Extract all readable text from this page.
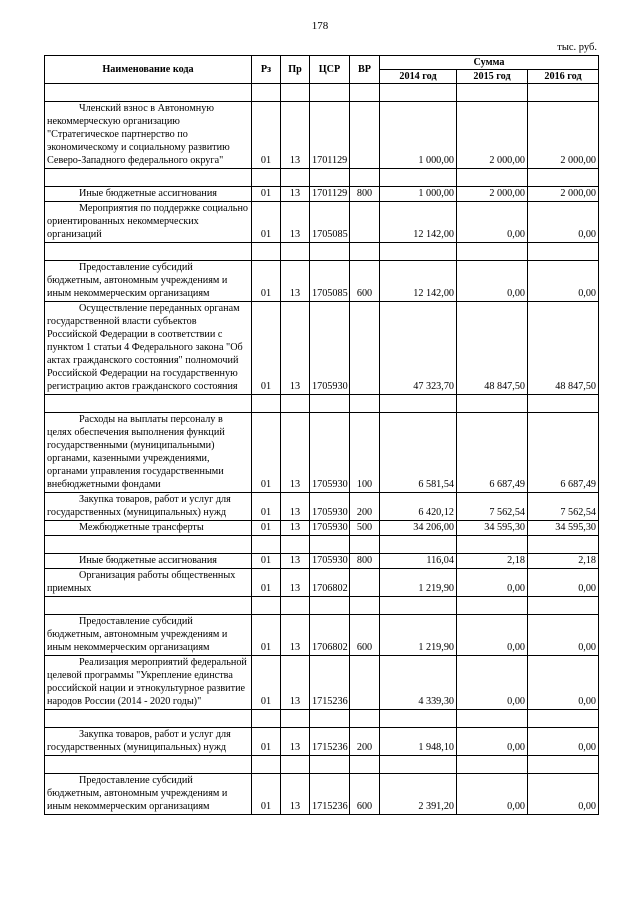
178
тыс. руб.
Наименование кода	Рз	Пр	ЦСР	ВР	Сумма		
					2014 год	2015 год	2016 год

Членский взнос в Автономную некоммерческую организацию "Стратегическое партнерство по экономическому и социальному развитию Северо-Западного федерального округа"	01	13	1701129		1 000,00	2 000,00	2 000,00

Иные бюджетные ассигнования	01	13	1701129	800	1 000,00	2 000,00	2 000,00
Мероприятия по поддержке социально ориентированных некоммерческих организаций	01	13	1705085		12 142,00	0,00	0,00

Предоставление субсидий бюджетным, автономным учреждениям и иным некоммерческим организациям	01	13	1705085	600	12 142,00	0,00	0,00
Осуществление переданных органам государственной власти субъектов Российской Федерации в соответствии с пунктом 1 статьи 4 Федерального закона "Об актах гражданского состояния" полномочий Российской Федерации на государственную регистрацию актов гражданского состояния	01	13	1705930		47 323,70	48 847,50	48 847,50

Расходы на выплаты персоналу в целях обеспечения выполнения функций государственными (муниципальными) органами, казенными учреждениями, органами управления государственными внебюджетными фондами	01	13	1705930	100	6 581,54	6 687,49	6 687,49
Закупка товаров, работ и услуг для государственных (муниципальных) нужд	01	13	1705930	200	6 420,12	7 562,54	7 562,54
Межбюджетные трансферты	01	13	1705930	500	34 206,00	34 595,30	34 595,30

Иные бюджетные ассигнования	01	13	1705930	800	116,04	2,18	2,18
Организация работы общественных приемных	01	13	1706802		1 219,90	0,00	0,00

Предоставление субсидий бюджетным, автономным учреждениям и иным некоммерческим организациям	01	13	1706802	600	1 219,90	0,00	0,00
Реализация мероприятий федеральной целевой программы "Укрепление единства российской нации и этнокультурное развитие народов России (2014 - 2020 годы)"	01	13	1715236		4 339,30	0,00	0,00

Закупка товаров, работ и услуг для государственных (муниципальных) нужд	01	13	1715236	200	1 948,10	0,00	0,00

Предоставление субсидий бюджетным, автономным учреждениям и иным некоммерческим организациям	01	13	1715236	600	2 391,20	0,00	0,00
